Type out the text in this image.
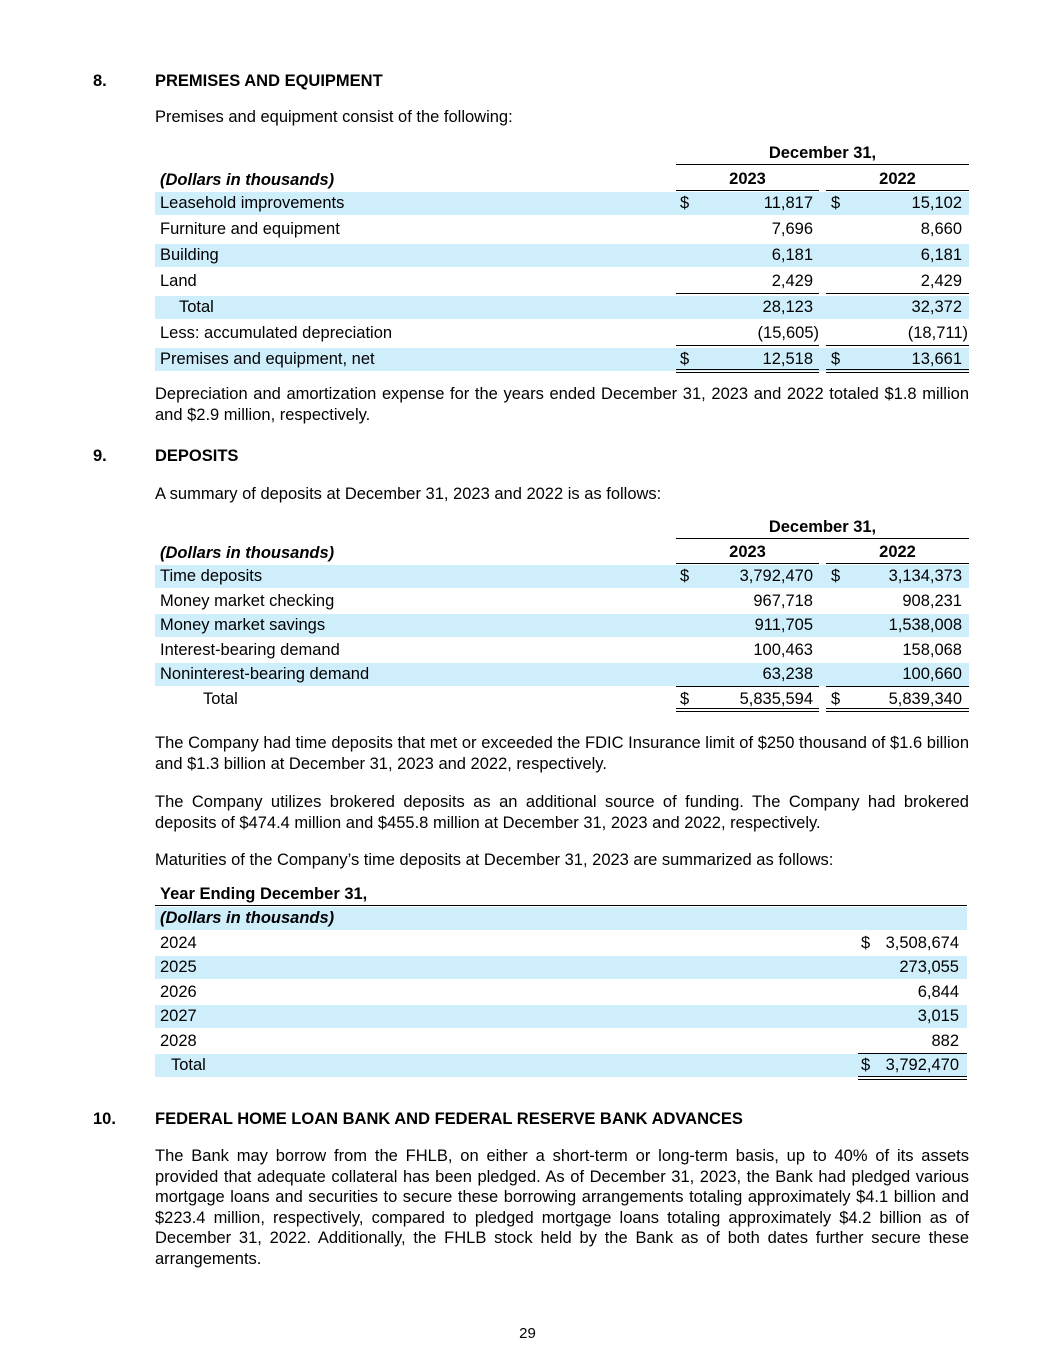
8.	PREMISES AND EQUIPMENT
Premises and equipment consist of the following:
December 31,
(Dollars in thousands)	2023	2022
Leasehold improvements	$	11,817 $	15,102
Furniture and equipment	7,696	8,660
Building	6,181	6,181
Land	2,429	2,429
Total	28,123	32,372
Less: accumulated depreciation	(15,605)	(18,711)
Premises and equipment, net	$	12,518 $	13,661
Depreciation and amortization expense for the years ended December 31, 2023 and 2022 totaled $1.8 million and $2.9 million, respectively.
9.	DEPOSITS
A summary of deposits at December 31, 2023 and 2022 is as follows:
December 31,
(Dollars in thousands)	2023	2022
Time deposits	$	3,792,470 $	3,134,373
Money market checking	967,718	908,231
Money market savings	911,705	1,538,008
Interest-bearing demand	100,463	158,068
Noninterest-bearing demand	63,238	100,660
Total	$	5,835,594 $	5,839,340
The Company had time deposits that met or exceeded the FDIC Insurance limit of $250 thousand of $1.6 billion and $1.3 billion at December 31, 2023 and 2022, respectively.
The Company utilizes brokered deposits as an additional source of funding. The Company had brokered deposits of $474.4 million and $455.8 million at December 31, 2023 and 2022, respectively.
Maturities of the Company’s time deposits at December 31, 2023 are summarized as follows:
Year Ending December 31,
(Dollars in thousands)
2024	$ 3,508,674
2025	273,055
2026	6,844
2027	3,015
2028	882
Total	$ 3,792,470
10. FEDERAL HOME LOAN BANK AND FEDERAL RESERVE BANK ADVANCES
The Bank may borrow from the FHLB, on either a short-term or long-term basis, up to 40% of its assets provided that adequate collateral has been pledged. As of December 31, 2023, the Bank had pledged various mortgage loans and securities to secure these borrowing arrangements totaling approximately $4.1 billion and $223.4 million, respectively, compared to pledged mortgage loans totaling approximately $4.2 billion as of December 31, 2022. Additionally, the FHLB stock held by the Bank as of both dates further secure these arrangements.
29
